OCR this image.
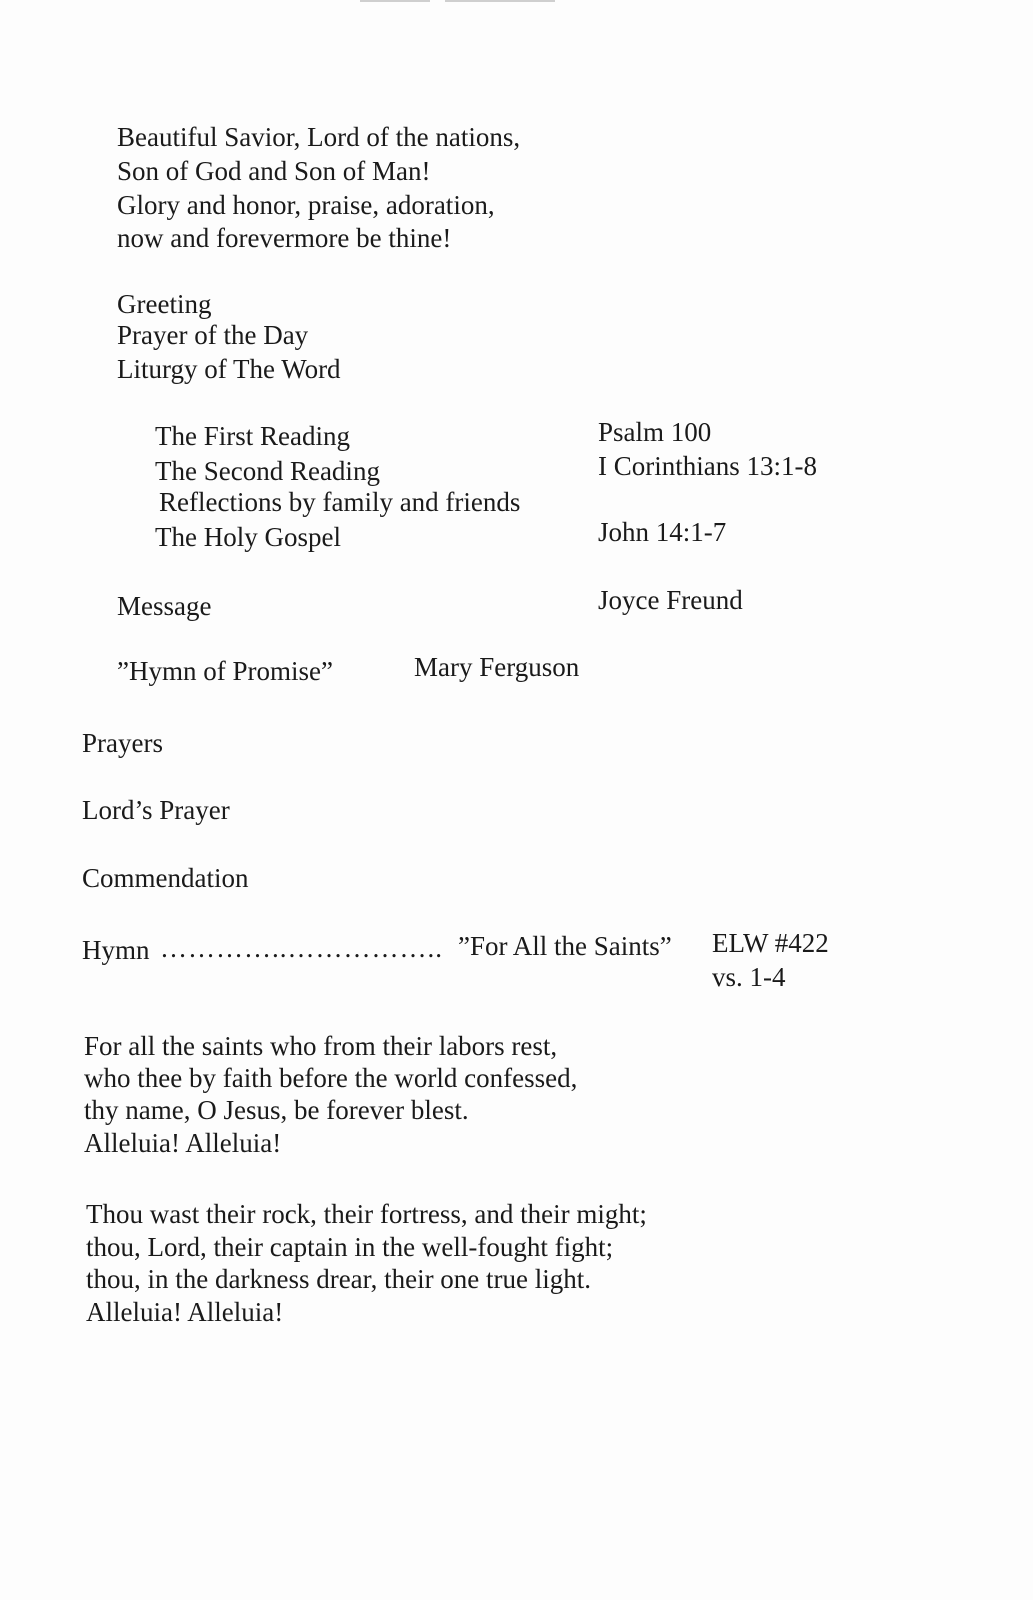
Beautiful Savior, Lord of the nations,
Son of God and Son of Man!
Glory and honor, praise, adoration,
now and forevermore be thine!
Greeting
Prayer of the Day
Liturgy of The Word
The First Reading	Psalm 100
The Second Reading	I Corinthians 13:1-8
Reflections by family and friends
The Holy Gospel	John 14:1-7
Message	Joyce Freund
”Hymn of Promise”	Mary Ferguson
Prayers
Lord’s Prayer
Commendation
Hymn …………..…………….. ”For All the Saints” ELW #422
vs. 1-4
For all the saints who from their labors rest,
who thee by faith before the world confessed,
thy name, O Jesus, be forever blest.
Alleluia! Alleluia!
Thou wast their rock, their fortress, and their might;
thou, Lord, their captain in the well-fought fight;
thou, in the darkness drear, their one true light.
Alleluia! Alleluia!
